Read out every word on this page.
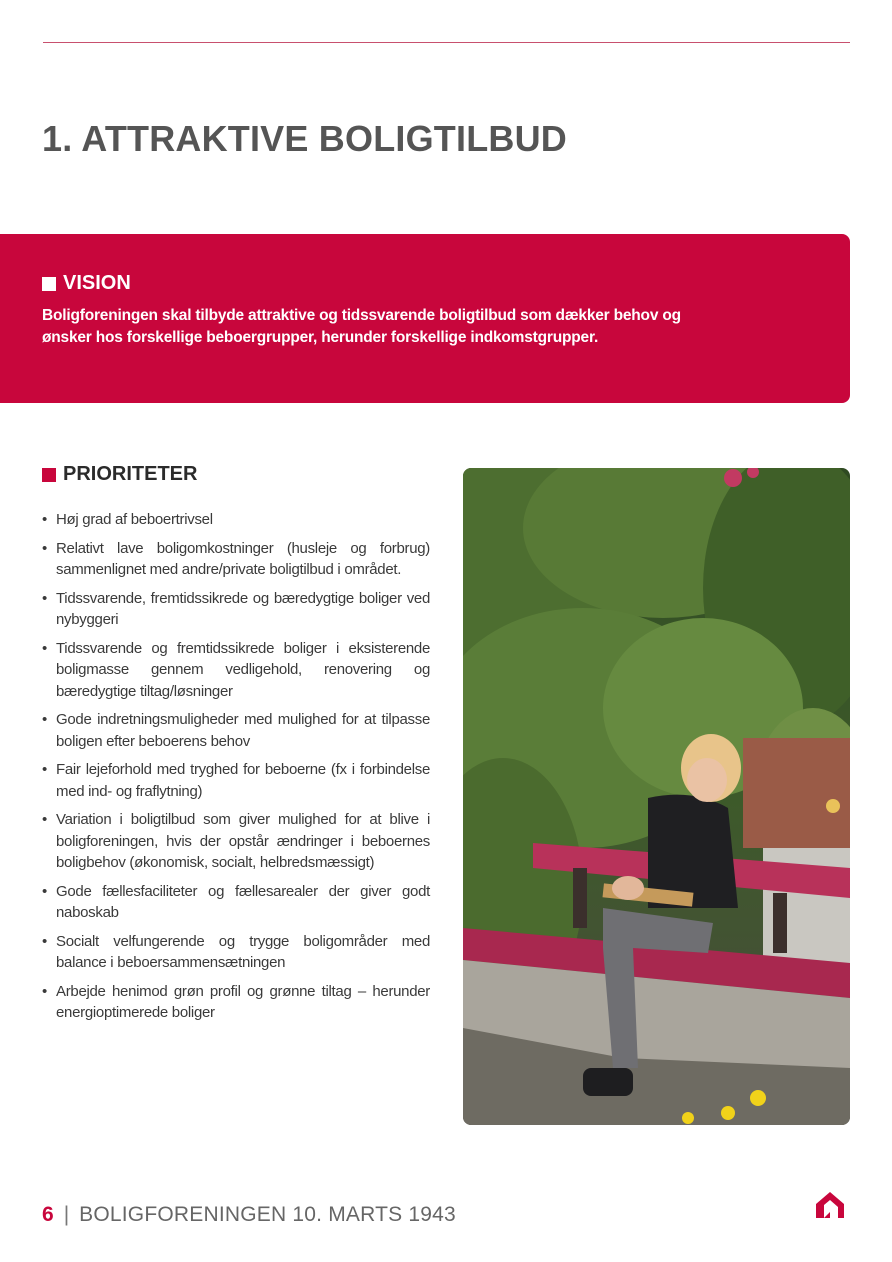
1. ATTRAKTIVE BOLIGTILBUD
VISION

Boligforeningen skal tilbyde attraktive og tidssvarende boligtilbud som dækker behov og ønsker hos forskellige beboergrupper, herunder forskellige indkomstgrupper.

PRIORITETER
• Høj grad af beboertrivsel
• Relativt lave boligomkostninger (husleje og forbrug) sammenlignet med andre/private boligtilbud i området.
• Tidssvarende, fremtidssikrede og bæredygtige boliger ved nybyggeri
• Tidssvarende og fremtidssikrede boliger i eksisterende boligmasse gennem vedligehold, renovering og bæredygtige tiltag/løsninger
• Gode indretningsmuligheder med mulighed for at tilpasse boligen efter beboerens behov
• Fair lejeforhold med tryghed for beboerne (fx i forbindelse med ind- og fraflytning)
• Variation i boligtilbud som giver mulighed for at blive i boligforeningen, hvis der opstår ændringer i beboernes boligbehov (økonomisk, socialt, helbredsmæssigt)
• Gode fællesfaciliteter og fællesarealer der giver godt naboskab
• Socialt velfungerende og trygge boligområder med balance i beboersammensætningen
• Arbejde henimod grøn profil og grønne tiltag – herunder energioptimerede boliger
6 | BOLIGFORENINGEN 10. MARTS 1943
